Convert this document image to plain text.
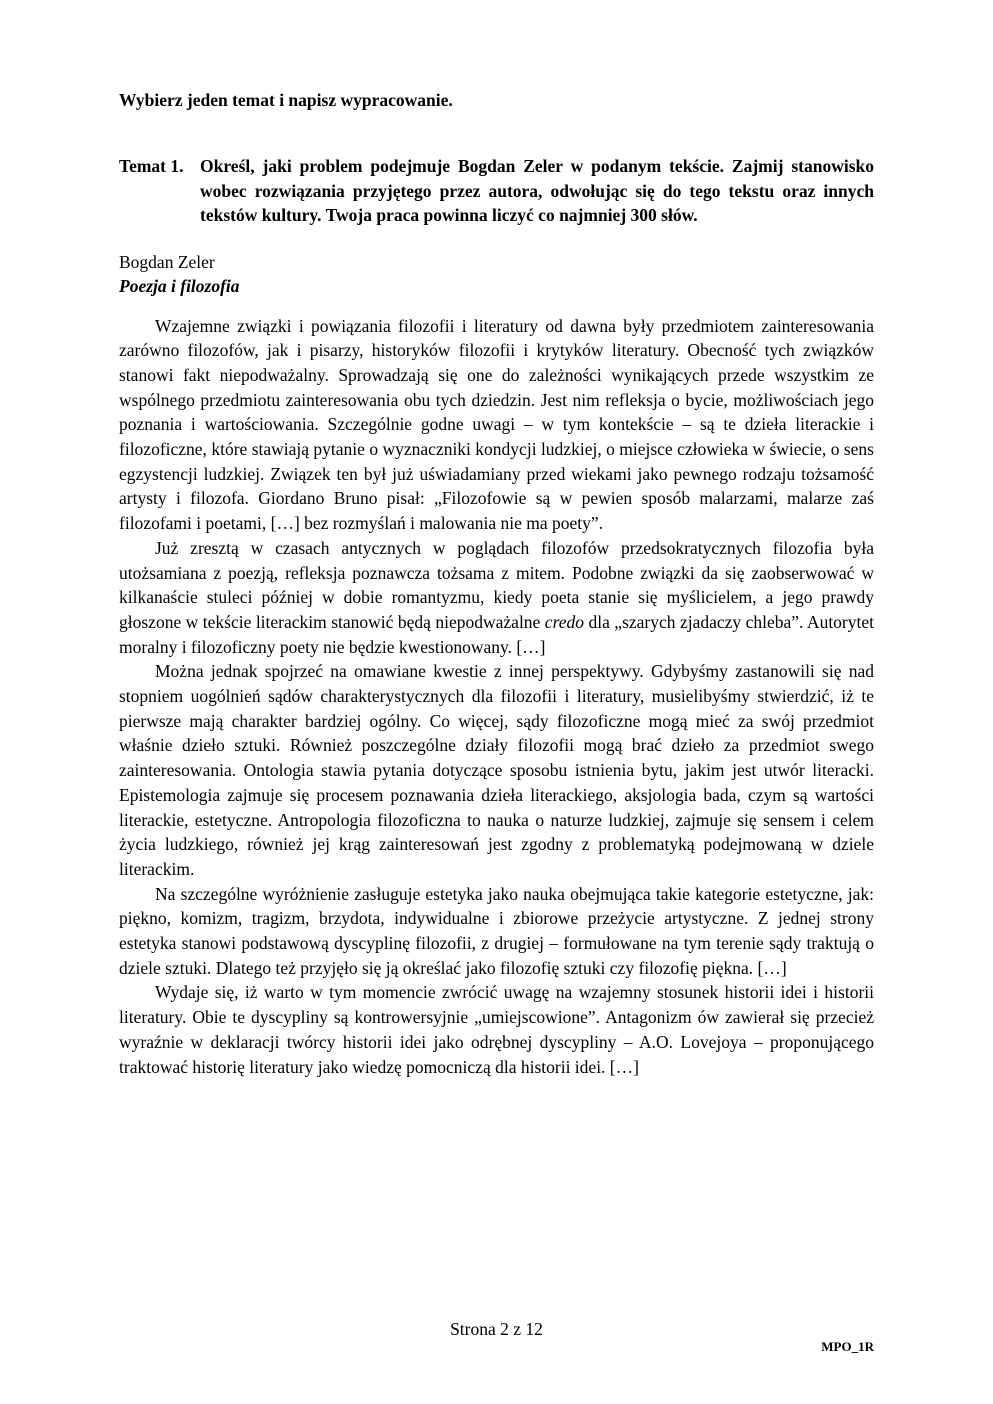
Wybierz jeden temat i napisz wypracowanie.

Temat 1. Określ, jaki problem podejmuje Bogdan Zeler w podanym tekście. Zajmij stanowisko wobec rozwiązania przyjętego przez autora, odwołując się do tego tekstu oraz innych tekstów kultury. Twoja praca powinna liczyć co najmniej 300 słów.
Bogdan Zeler
Poezja i filozofia

Wzajemne związki i powiązania filozofii i literatury od dawna były przedmiotem zainteresowania zarówno filozofów, jak i pisarzy, historyków filozofii i krytyków literatury. Obecność tych związków stanowi fakt niepodważalny. Sprowadzają się one do zależności wynikających przede wszystkim ze wspólnego przedmiotu zainteresowania obu tych dziedzin. Jest nim refleksja o bycie, możliwościach jego poznania i wartościowania. Szczególnie godne uwagi – w tym kontekście – są te dzieła literackie i filozoficzne, które stawiają pytanie o wyznaczniki kondycji ludzkiej, o miejsce człowieka w świecie, o sens egzystencji ludzkiej. Związek ten był już uświadamiany przed wiekami jako pewnego rodzaju tożsamość artysty i filozofa. Giordano Bruno pisał: „Filozofowie są w pewien sposób malarzami, malarze zaś filozofami i poetami, […] bez rozmyślań i malowania nie ma poety”.

Już zresztą w czasach antycznych w poglądach filozofów przedsokratycznych filozofia była utożsamiana z poezją, refleksja poznawcza tożsama z mitem. Podobne związki da się zaobserwować w kilkanaście stuleci później w dobie romantyzmu, kiedy poeta stanie się myślicielem, a jego prawdy głoszone w tekście literackim stanowić będą niepodważalne credo dla „szarych zjadaczy chleba”. Autorytet moralny i filozoficzny poety nie będzie kwestionowany. […]

Można jednak spojrzeć na omawiane kwestie z innej perspektywy. Gdybyśmy zastanowili się nad stopniem uogólnień sądów charakterystycznych dla filozofii i literatury, musielibyśmy stwierdzić, iż te pierwsze mają charakter bardziej ogólny. Co więcej, sądy filozoficzne mogą mieć za swój przedmiot właśnie dzieło sztuki. Również poszczególne działy filozofii mogą brać dzieło za przedmiot swego zainteresowania. Ontologia stawia pytania dotyczące sposobu istnienia bytu, jakim jest utwór literacki. Epistemologia zajmuje się procesem poznawania dzieła literackiego, aksjologia bada, czym są wartości literackie, estetyczne. Antropologia filozoficzna to nauka o naturze ludzkiej, zajmuje się sensem i celem życia ludzkiego, również jej krąg zainteresowań jest zgodny z problematyką podejmowaną w dziele literackim.

Na szczególne wyróżnienie zasługuje estetyka jako nauka obejmująca takie kategorie estetyczne, jak: piękno, komizm, tragizm, brzydota, indywidualne i zbiorowe przeżycie artystyczne. Z jednej strony estetyka stanowi podstawową dyscyplinę filozofii, z drugiej – formułowane na tym terenie sądy traktują o dziele sztuki. Dlatego też przyjęło się ją określać jako filozofię sztuki czy filozofię piękna. […]

Wydaje się, iż warto w tym momencie zwrócić uwagę na wzajemny stosunek historii idei i historii literatury. Obie te dyscypliny są kontrowersyjnie „umiejscowione”. Antagonizm ów zawierał się przecież wyraźnie w deklaracji twórcy historii idei jako odrębnej dyscypliny – A.O. Lovejoya – proponującego traktować historię literatury jako wiedzę pomocniczą dla historii idei. […]

Strona 2 z 12
MPO_1R
